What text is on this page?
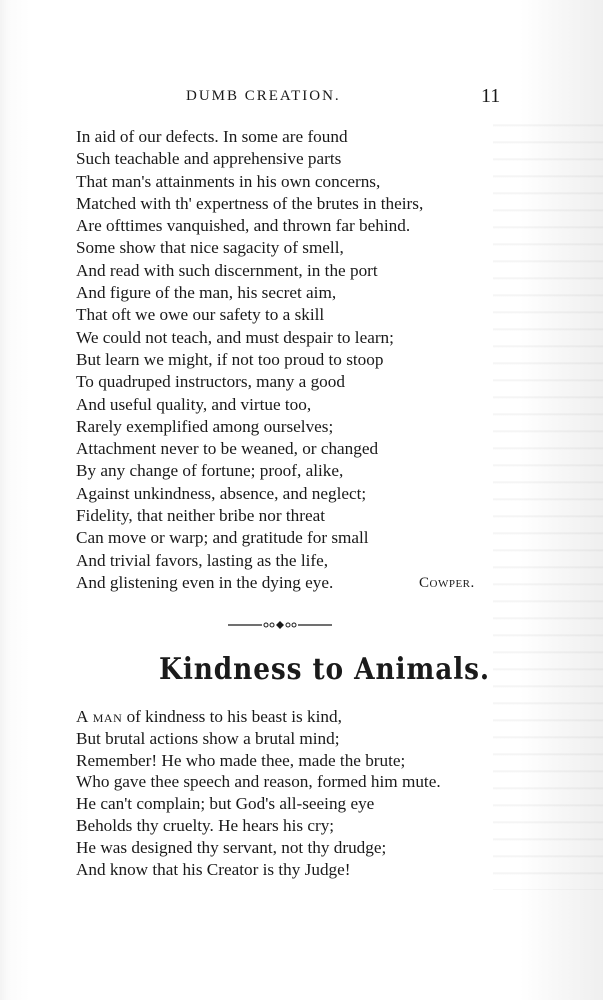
DUMB CREATION.	11
In aid of our defects. In some are found
Such teachable and apprehensive parts
That man's attainments in his own concerns,
Matched with th' expertness of the brutes in theirs,
Are ofttimes vanquished, and thrown far behind.
Some show that nice sagacity of smell,
And read with such discernment, in the port
And figure of the man, his secret aim,
That oft we owe our safety to a skill
We could not teach, and must despair to learn;
But learn we might, if not too proud to stoop
To quadruped instructors, many a good
And useful quality, and virtue too,
Rarely exemplified among ourselves;
Attachment never to be weaned, or changed
By any change of fortune; proof, alike,
Against unkindness, absence, and neglect;
Fidelity, that neither bribe nor threat
Can move or warp; and gratitude for small
And trivial favors, lasting as the life,
And glistening even in the dying eye.	Cowper.
Kindness to Animals.
A man of kindness to his beast is kind,
But brutal actions show a brutal mind;
Remember! He who made thee, made the brute;
Who gave thee speech and reason, formed him mute.
He can't complain; but God's all-seeing eye
Beholds thy cruelty. He hears his cry;
He was designed thy servant, not thy drudge;
And know that his Creator is thy Judge!
